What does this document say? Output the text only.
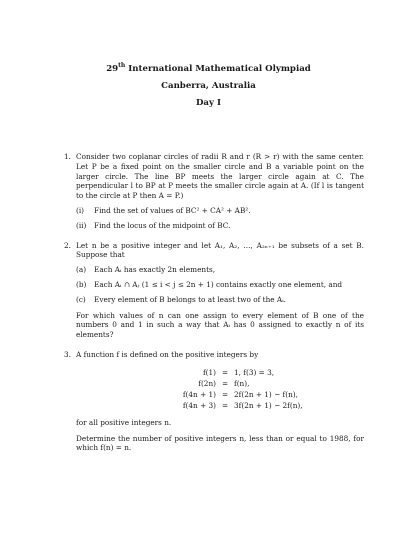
29th International Mathematical Olympiad

Canberra, Australia

Day I

1. Consider two coplanar circles of radii R and r (R > r) with the same center. Let P be a fixed point on the smaller circle and B a variable point on the larger circle. The line BP meets the larger circle again at C. The perpendicular l to BP at P meets the smaller circle again at A. (If l is tangent to the circle at P then A = P.)

(i) Find the set of values of BC² + CA² + AB².
(ii) Find the locus of the midpoint of BC.
2. Let n be a positive integer and let A₁, A₂, …, A₂ₙ₊₁ be subsets of a set B. Suppose that

(a) Each Aᵢ has exactly 2n elements,
(b) Each Aᵢ ∩ Aⱼ (1 ≤ i < j ≤ 2n + 1) contains exactly one element, and
(c) Every element of B belongs to at least two of the Aᵢ.

For which values of n can one assign to every element of B one of the numbers 0 and 1 in such a way that Aᵢ has 0 assigned to exactly n of its elements?

3. A function f is defined on the positive integers by

f(1) = 1, f(3) = 3,
f(2n) = f(n),
f(4n + 1) = 2f(2n + 1) − f(n),
f(4n + 3) = 3f(2n + 1) − 2f(n),

for all positive integers n.

Determine the number of positive integers n, less than or equal to 1988, for which f(n) = n.
